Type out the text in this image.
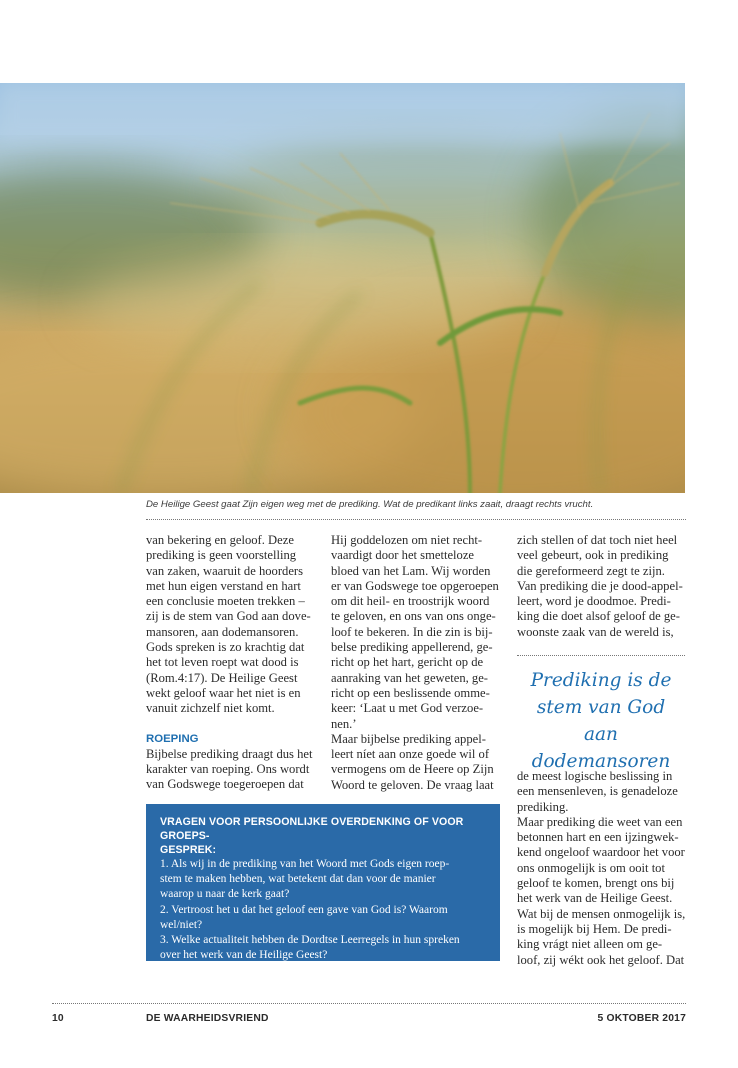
De Heilige Geest gaat Zijn eigen weg met de prediking. Wat de predikant links zaait, draagt rechts vrucht.
van bekering en geloof. Deze
prediking is geen voorstelling
van zaken, waaruit de hoorders
met hun eigen verstand en hart
een conclusie moeten trekken –
zij is de stem van God aan dove-
mansoren, aan dodemansoren.
Gods spreken is zo krachtig dat
het tot leven roept wat dood is
(Rom.4:17). De Heilige Geest
wekt geloof waar het niet is en
vanuit zichzelf niet komt.
ROEPING
Bijbelse prediking draagt dus het
karakter van roeping. Ons wordt
van Godswege toegeroepen dat
Hij goddelozen om niet recht-
vaardigt door het smetteloze
bloed van het Lam. Wij worden
er van Godswege toe opgeroepen
om dit heil- en troostrijk woord
te geloven, en ons van ons onge-
loof te bekeren. In die zin is bij-
belse prediking appellerend, ge-
richt op het hart, gericht op de
aanraking van het geweten, ge-
richt op een beslissende omme-
keer: ‘Laat u met God verzoe-
nen.’
Maar bijbelse prediking appel-
leert níet aan onze goede wil of
vermogens om de Heere op Zijn
Woord te geloven. De vraag laat
zich stellen of dat toch niet heel
veel gebeurt, ook in prediking
die gereformeerd zegt te zijn.
Van prediking die je dood-appel-
leert, word je doodmoe. Predi-
king die doet alsof geloof de ge-
woonste zaak van de wereld is,
Prediking is de
stem van God
aan dodemansoren
de meest logische beslissing in
een mensenleven, is genadeloze
prediking.
Maar prediking die weet van een
betonnen hart en een ijzingwek-
kend ongeloof waardoor het voor
ons onmogelijk is om ooit tot
geloof te komen, brengt ons bij
het werk van de Heilige Geest.
Wat bij de mensen onmogelijk is,
is mogelijk bij Hem. De predi-
king vrágt niet alleen om ge-
loof, zij wékt ook het geloof. Dat
VRAGEN VOOR PERSOONLIJKE OVERDENKING OF VOOR GROEPS-
GESPREK:
1. Als wij in de prediking van het Woord met Gods eigen roep-
stem te maken hebben, wat betekent dat dan voor de manier
waarop u naar de kerk gaat?
2. Vertroost het u dat het geloof een gave van God is? Waarom
wel/niet?
3. Welke actualiteit hebben de Dordtse Leerregels in hun spreken
over het werk van de Heilige Geest?
10	DE WAARHEIDSVRIEND	5 OKTOBER 2017
